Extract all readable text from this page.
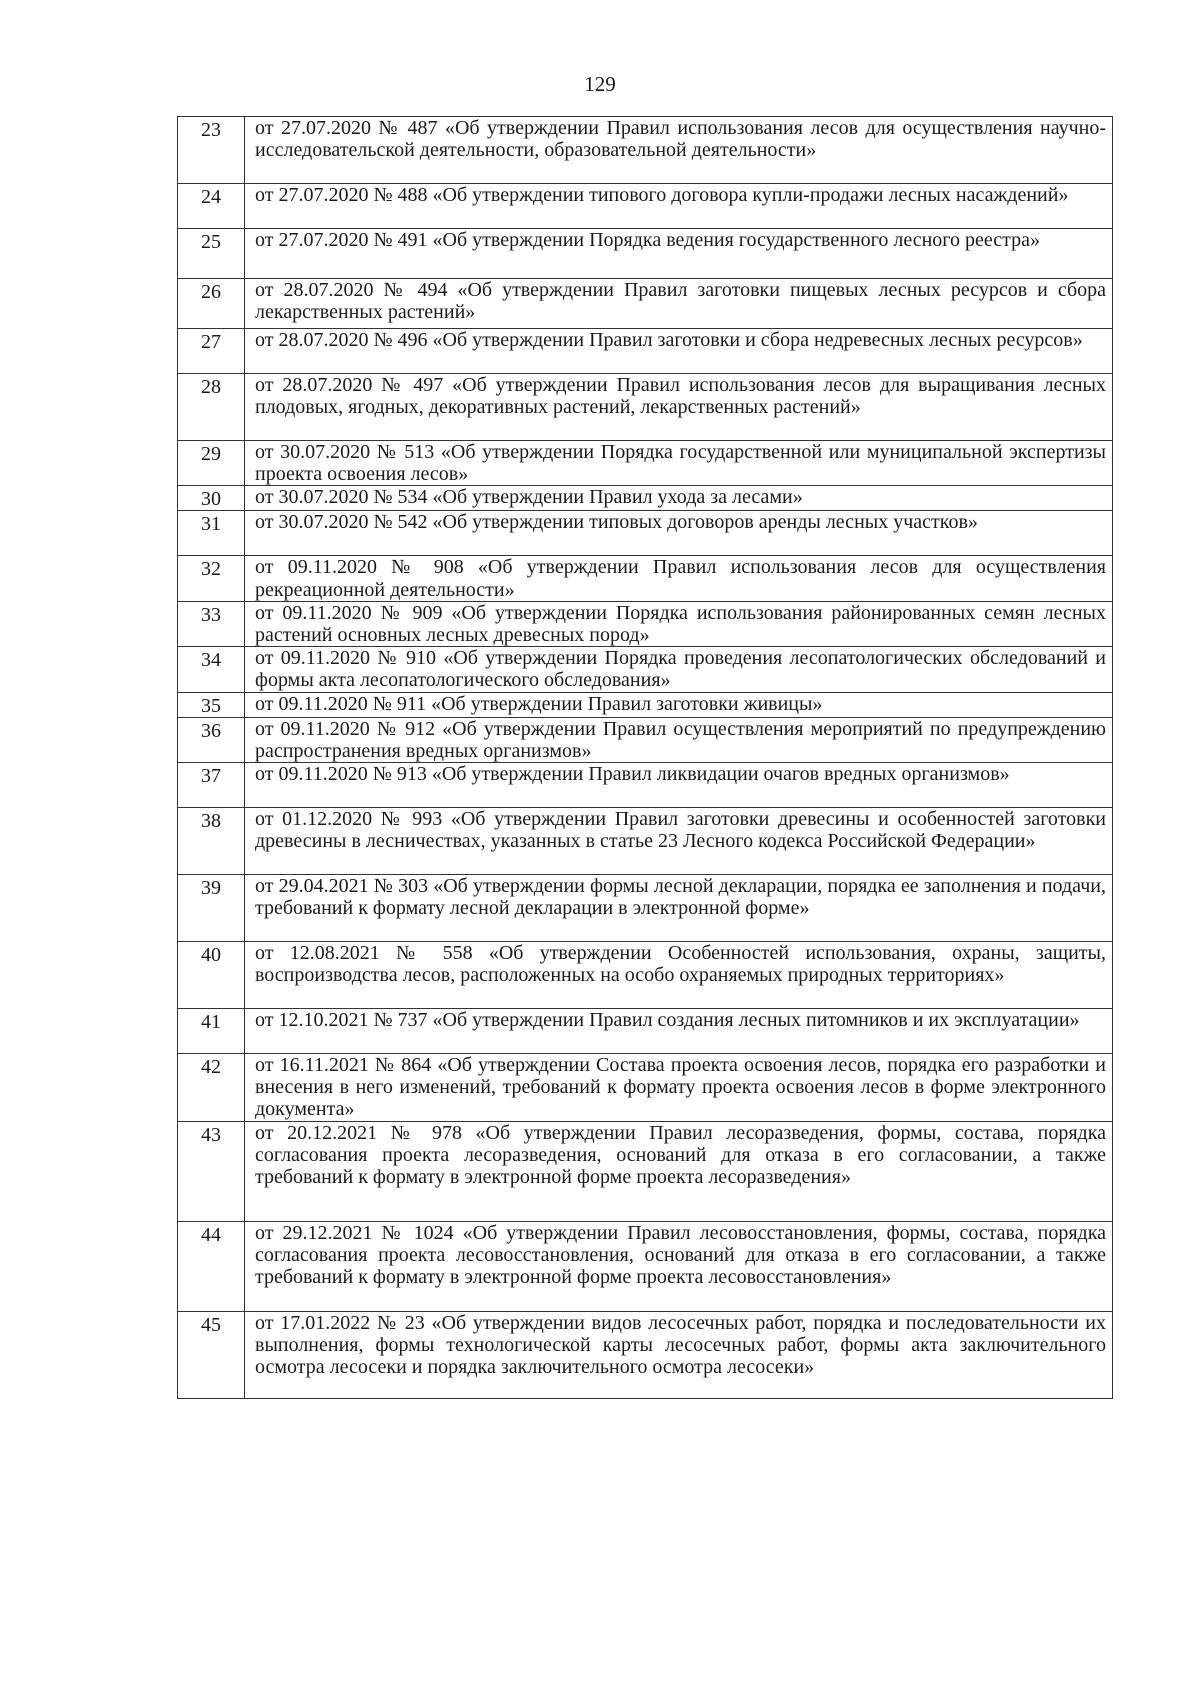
129
23	от 27.07.2020 № 487 «Об утверждении Правил использования лесов для осуществления научно-исследовательской деятельности, образовательной деятельности»

24	от 27.07.2020 № 488 «Об утверждении типового договора купли-продажи лесных насаждений»

25	от 27.07.2020 № 491 «Об утверждении Порядка ведения государственного лесного реестра»

26	от 28.07.2020 № 494 «Об утверждении Правил заготовки пищевых лесных ресурсов и сбора лекарственных растений»

27	от 28.07.2020 № 496 «Об утверждении Правил заготовки и сбора недревесных лесных ресурсов»

28	от 28.07.2020 № 497 «Об утверждении Правил использования лесов для выращивания лесных плодовых, ягодных, декоративных растений, лекарственных растений»

29	от 30.07.2020 № 513 «Об утверждении Порядка государственной или муниципальной экспертизы проекта освоения лесов»

30	от 30.07.2020 № 534 «Об утверждении Правил ухода за лесами»

31	от 30.07.2020 № 542 «Об утверждении типовых договоров аренды лесных участков»

32	от 09.11.2020 № 908 «Об утверждении Правил использования лесов для осуществления рекреационной деятельности»

33	от 09.11.2020 № 909 «Об утверждении Порядка использования районированных семян лесных растений основных лесных древесных пород»

34	от 09.11.2020 № 910 «Об утверждении Порядка проведения лесопатологических обследований и формы акта лесопатологического обследования»

35	от 09.11.2020 № 911 «Об утверждении Правил заготовки живицы»

36	от 09.11.2020 № 912 «Об утверждении Правил осуществления мероприятий по предупреждению распространения вредных организмов»

37	от 09.11.2020 № 913 «Об утверждении Правил ликвидации очагов вредных организмов»

38	от 01.12.2020 № 993 «Об утверждении Правил заготовки древесины и особенностей заготовки древесины в лесничествах, указанных в статье 23 Лесного кодекса Российской Федерации»

39	от 29.04.2021 № 303 «Об утверждении формы лесной декларации, порядка ее заполнения и подачи, требований к формату лесной декларации в электронной форме»

40	от 12.08.2021 № 558 «Об утверждении Особенностей использования, охраны, защиты, воспроизводства лесов, расположенных на особо охраняемых природных территориях»

41	от 12.10.2021 № 737 «Об утверждении Правил создания лесных питомников и их эксплуатации»

42	от 16.11.2021 № 864 «Об утверждении Состава проекта освоения лесов, порядка его разработки и внесения в него изменений, требований к формату проекта освоения лесов в форме электронного документа»

43	от 20.12.2021 № 978 «Об утверждении Правил лесоразведения, формы, состава, порядка согласования проекта лесоразведения, оснований для отказа в его согласовании, а также требований к формату в электронной форме проекта лесоразведения»

44	от 29.12.2021 № 1024 «Об утверждении Правил лесовосстановления, формы, состава, порядка согласования проекта лесовосстановления, оснований для отказа в его согласовании, а также требований к формату в электронной форме проекта лесовосстановления»

45	от 17.01.2022 № 23 «Об утверждении видов лесосечных работ, порядка и последовательности их выполнения, формы технологической карты лесосечных работ, формы акта заключительного осмотра лесосеки и порядка заключительного осмотра лесосеки»
